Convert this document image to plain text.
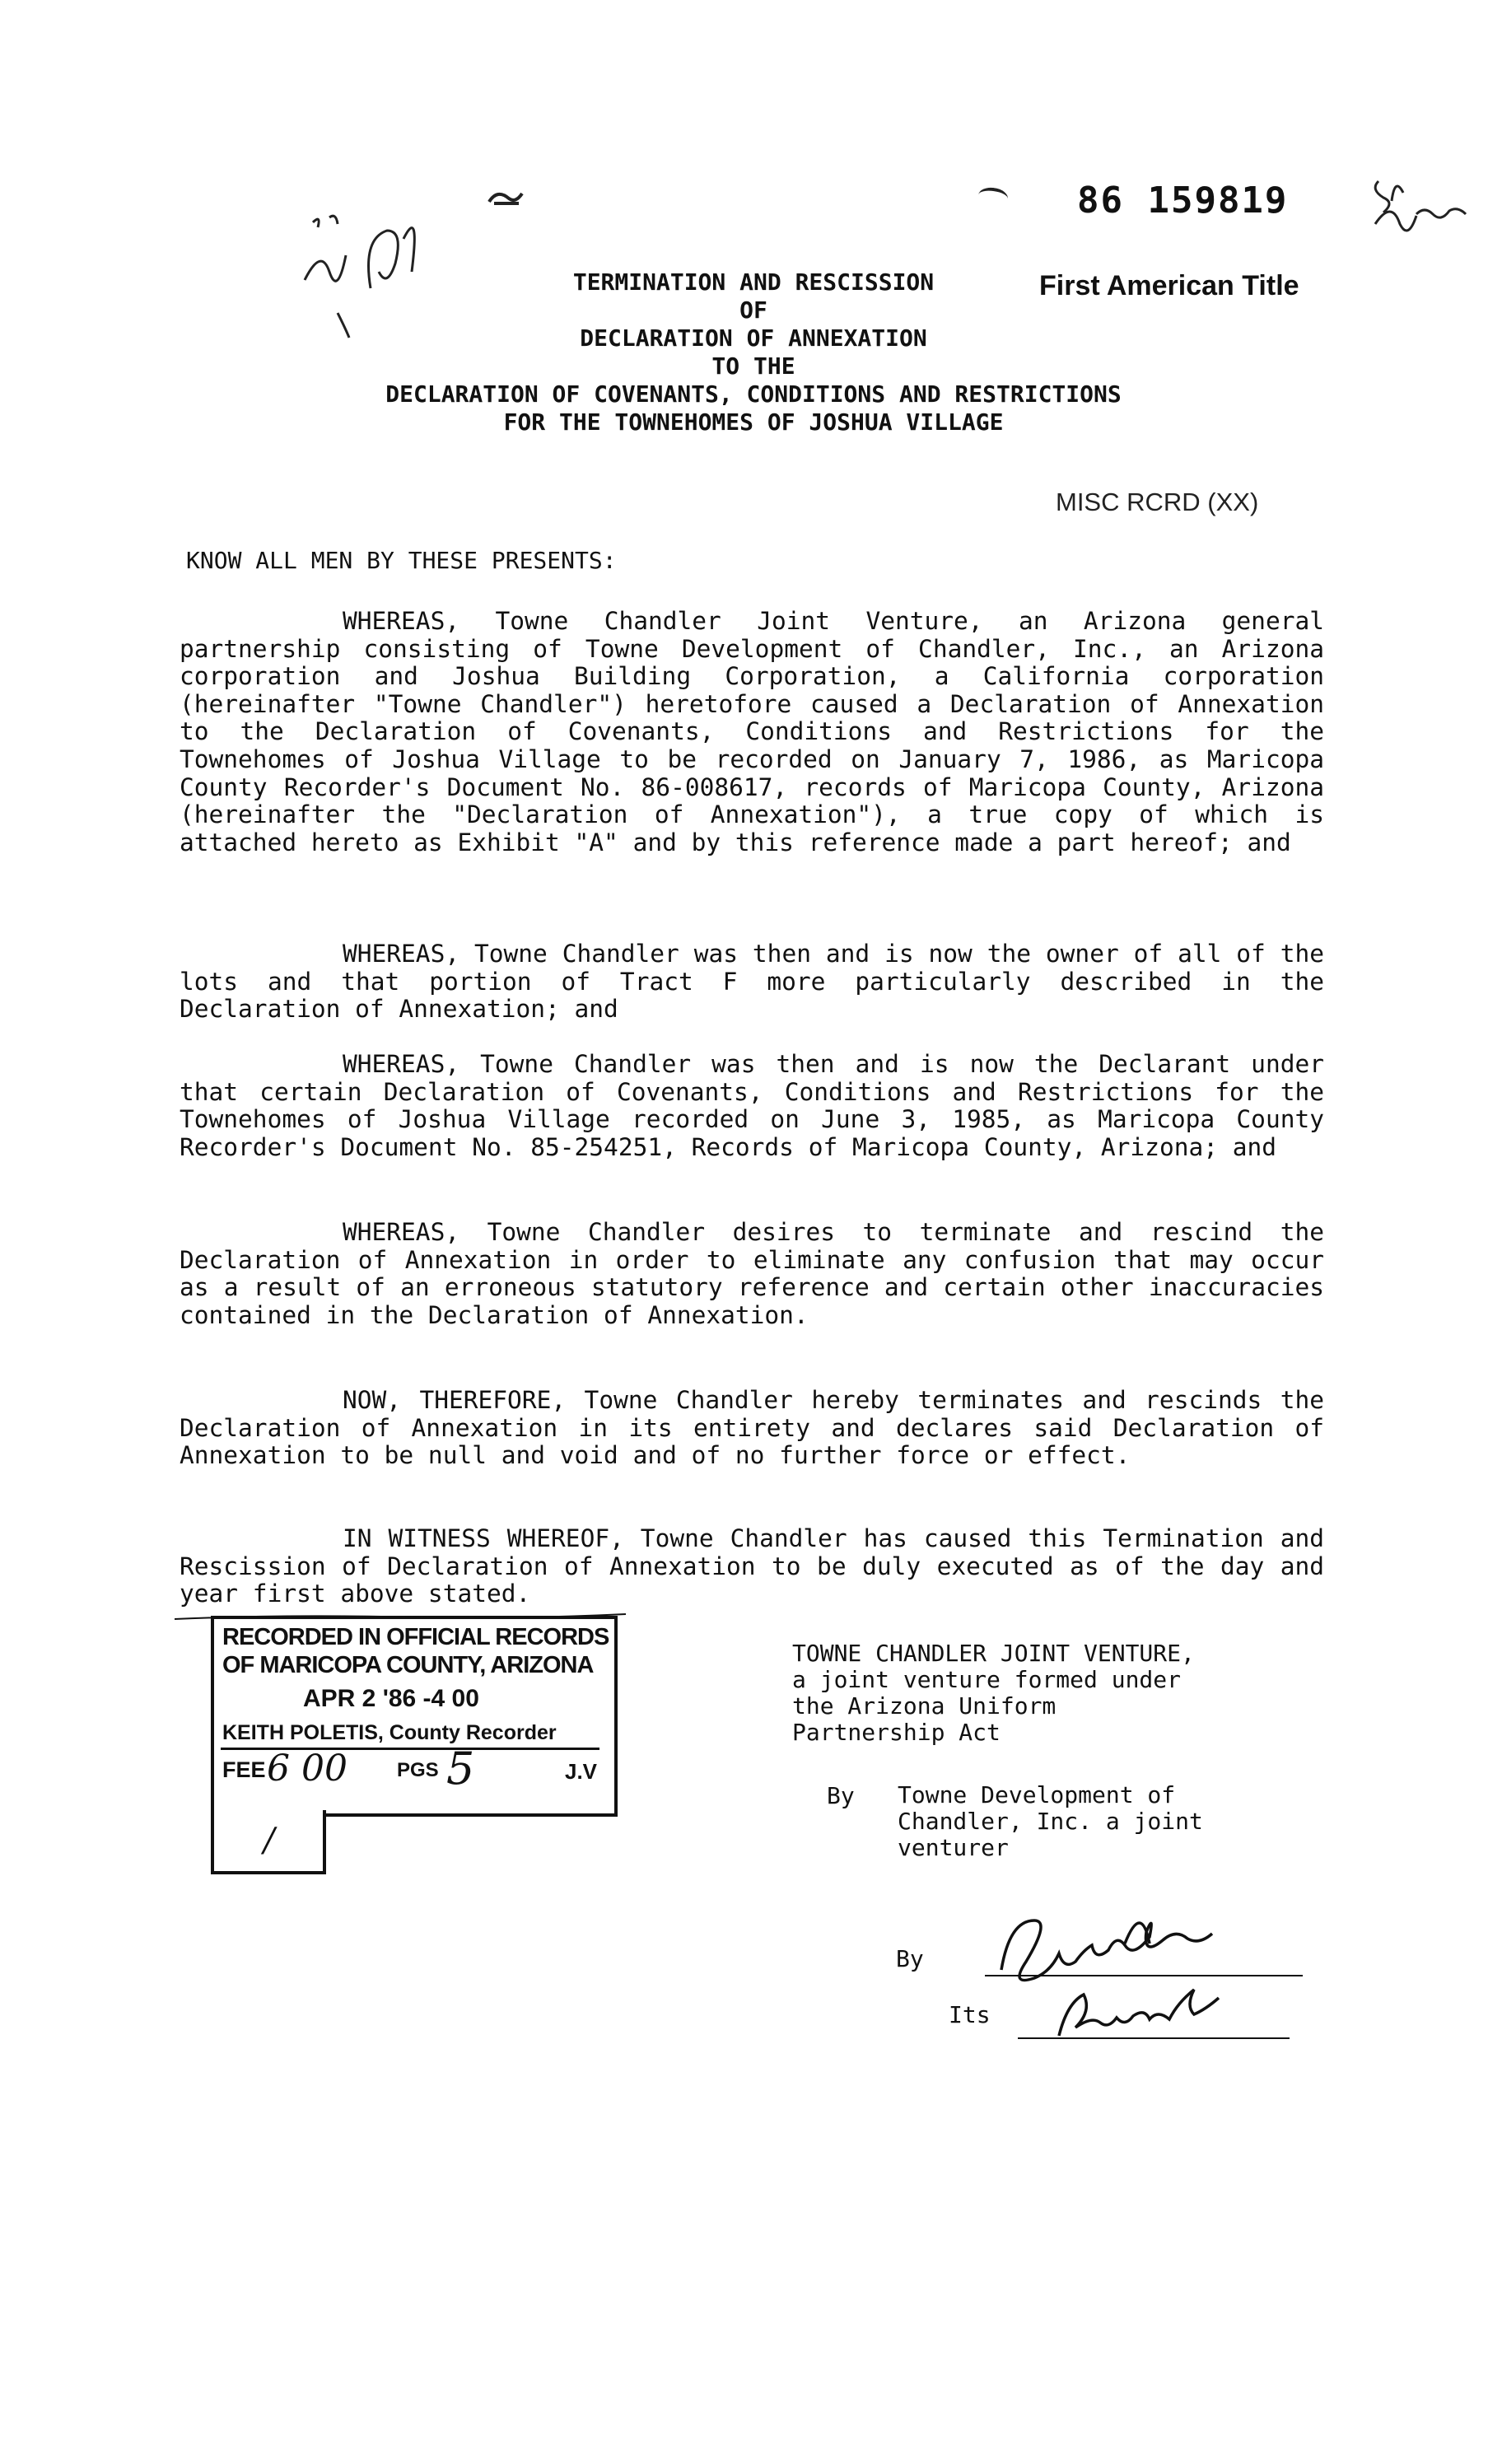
86 159819
First American Title
MISC RCRD (XX)
TERMINATION AND RESCISSION
OF
DECLARATION OF ANNEXATION
TO THE
DECLARATION OF COVENANTS, CONDITIONS AND RESTRICTIONS
FOR THE TOWNEHOMES OF JOSHUA VILLAGE
KNOW ALL MEN BY THESE PRESENTS:

WHEREAS, Towne Chandler Joint Venture, an Arizona general partnership consisting of Towne Development of Chandler, Inc., an Arizona corporation and Joshua Building Corporation, a California corporation (hereinafter "Towne Chandler") heretofore caused a Declaration of Annexation to the Declaration of Covenants, Conditions and Restrictions for the Townehomes of Joshua Village to be recorded on January 7, 1986, as Maricopa County Recorder's Document No. 86-008617, records of Maricopa County, Arizona (hereinafter the "Declaration of Annexation"), a true copy of which is attached hereto as Exhibit "A" and by this reference made a part hereof; and

WHEREAS, Towne Chandler was then and is now the owner of all of the lots and that portion of Tract F more particularly described in the Declaration of Annexation; and

WHEREAS, Towne Chandler was then and is now the Declarant under that certain Declaration of Covenants, Conditions and Restrictions for the Townehomes of Joshua Village recorded on June 3, 1985, as Maricopa County Recorder's Document No. 85-254251, Records of Maricopa County, Arizona; and

WHEREAS, Towne Chandler desires to terminate and rescind the Declaration of Annexation in order to eliminate any confusion that may occur as a result of an erroneous statutory reference and certain other inaccuracies contained in the Declaration of Annexation.

NOW, THEREFORE, Towne Chandler hereby terminates and rescinds the Declaration of Annexation in its entirety and declares said Declaration of Annexation to be null and void and of no further force or effect.

IN WITNESS WHEREOF, Towne Chandler has caused this Termination and Rescission of Declaration of Annexation to be duly executed as of the day and year first above stated.

RECORDED IN OFFICIAL RECORDS
OF MARICOPA COUNTY, ARIZONA
APR 2 '86 -4 00
KEITH POLETIS, County Recorder
FEE 6 00	PGS 5	J.V
/
TOWNE CHANDLER JOINT VENTURE,
a joint venture formed under
the Arizona Uniform
Partnership Act
By Towne Development of
Chandler, Inc. a joint
venturer
By
Its
